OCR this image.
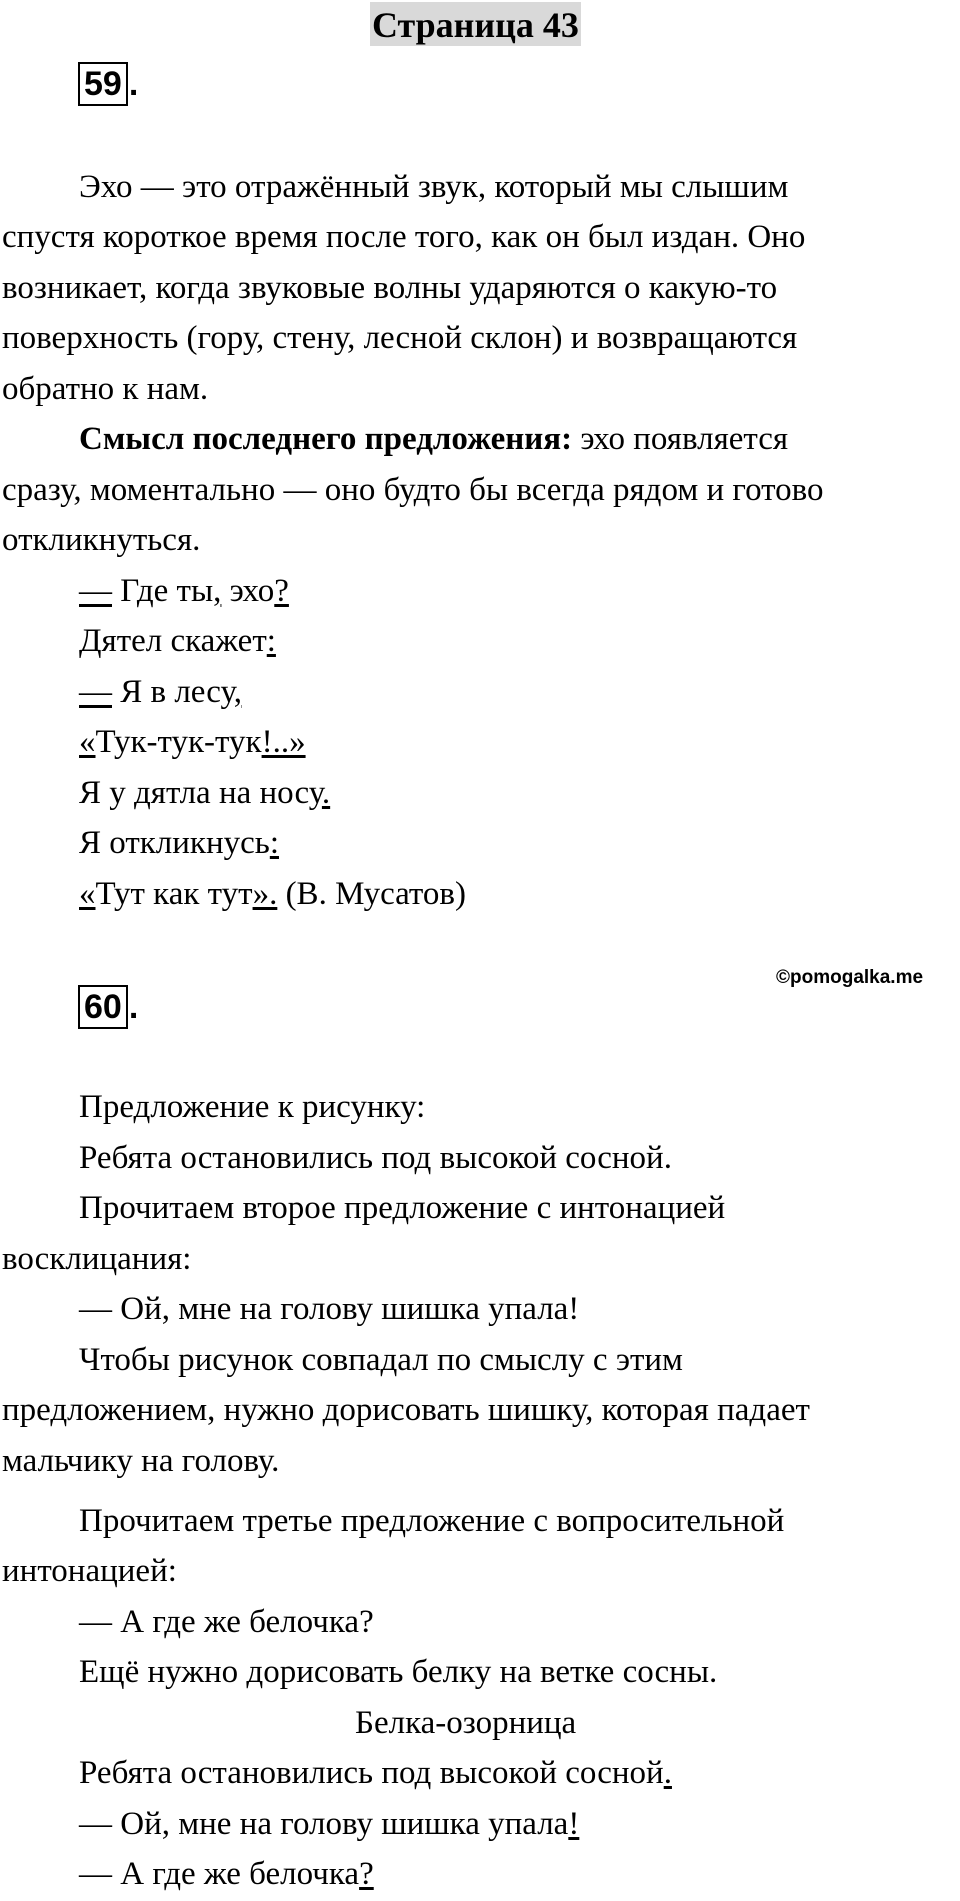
Страница 43
59 .
Эхо — это отражённый звук, который мы слышим
спустя короткое время после того, как он был издан. Оно
возникает, когда звуковые волны ударяются о какую-то
поверхность (гору, стену, лесной склон) и возвращаются
обратно к нам.
Смысл последнего предложения: эхо появляется
сразу, моментально — оно будто бы всегда рядом и готово
откликнуться.
— Где ты, эхо?
Дятел скажет:
— Я в лесу,
«Тук-тук-тук!..»
Я у дятла на носу.
Я откликнусь:
«Тут как тут». (В. Мусатов)
60 .
©pomogalka.me
Предложение к рисунку:
Ребята остановились под высокой сосной.
Прочитаем второе предложение с интонацией
восклицания:
— Ой, мне на голову шишка упала!
Чтобы рисунок совпадал по смыслу с этим
предложением, нужно дорисовать шишку, которая падает
мальчику на голову.
Прочитаем третье предложение с вопросительной
интонацией:
— А где же белочка?
Ещё нужно дорисовать белку на ветке сосны.
Белка-озорница
Ребята остановились под высокой сосной.
— Ой, мне на голову шишка упала!
— А где же белочка?
